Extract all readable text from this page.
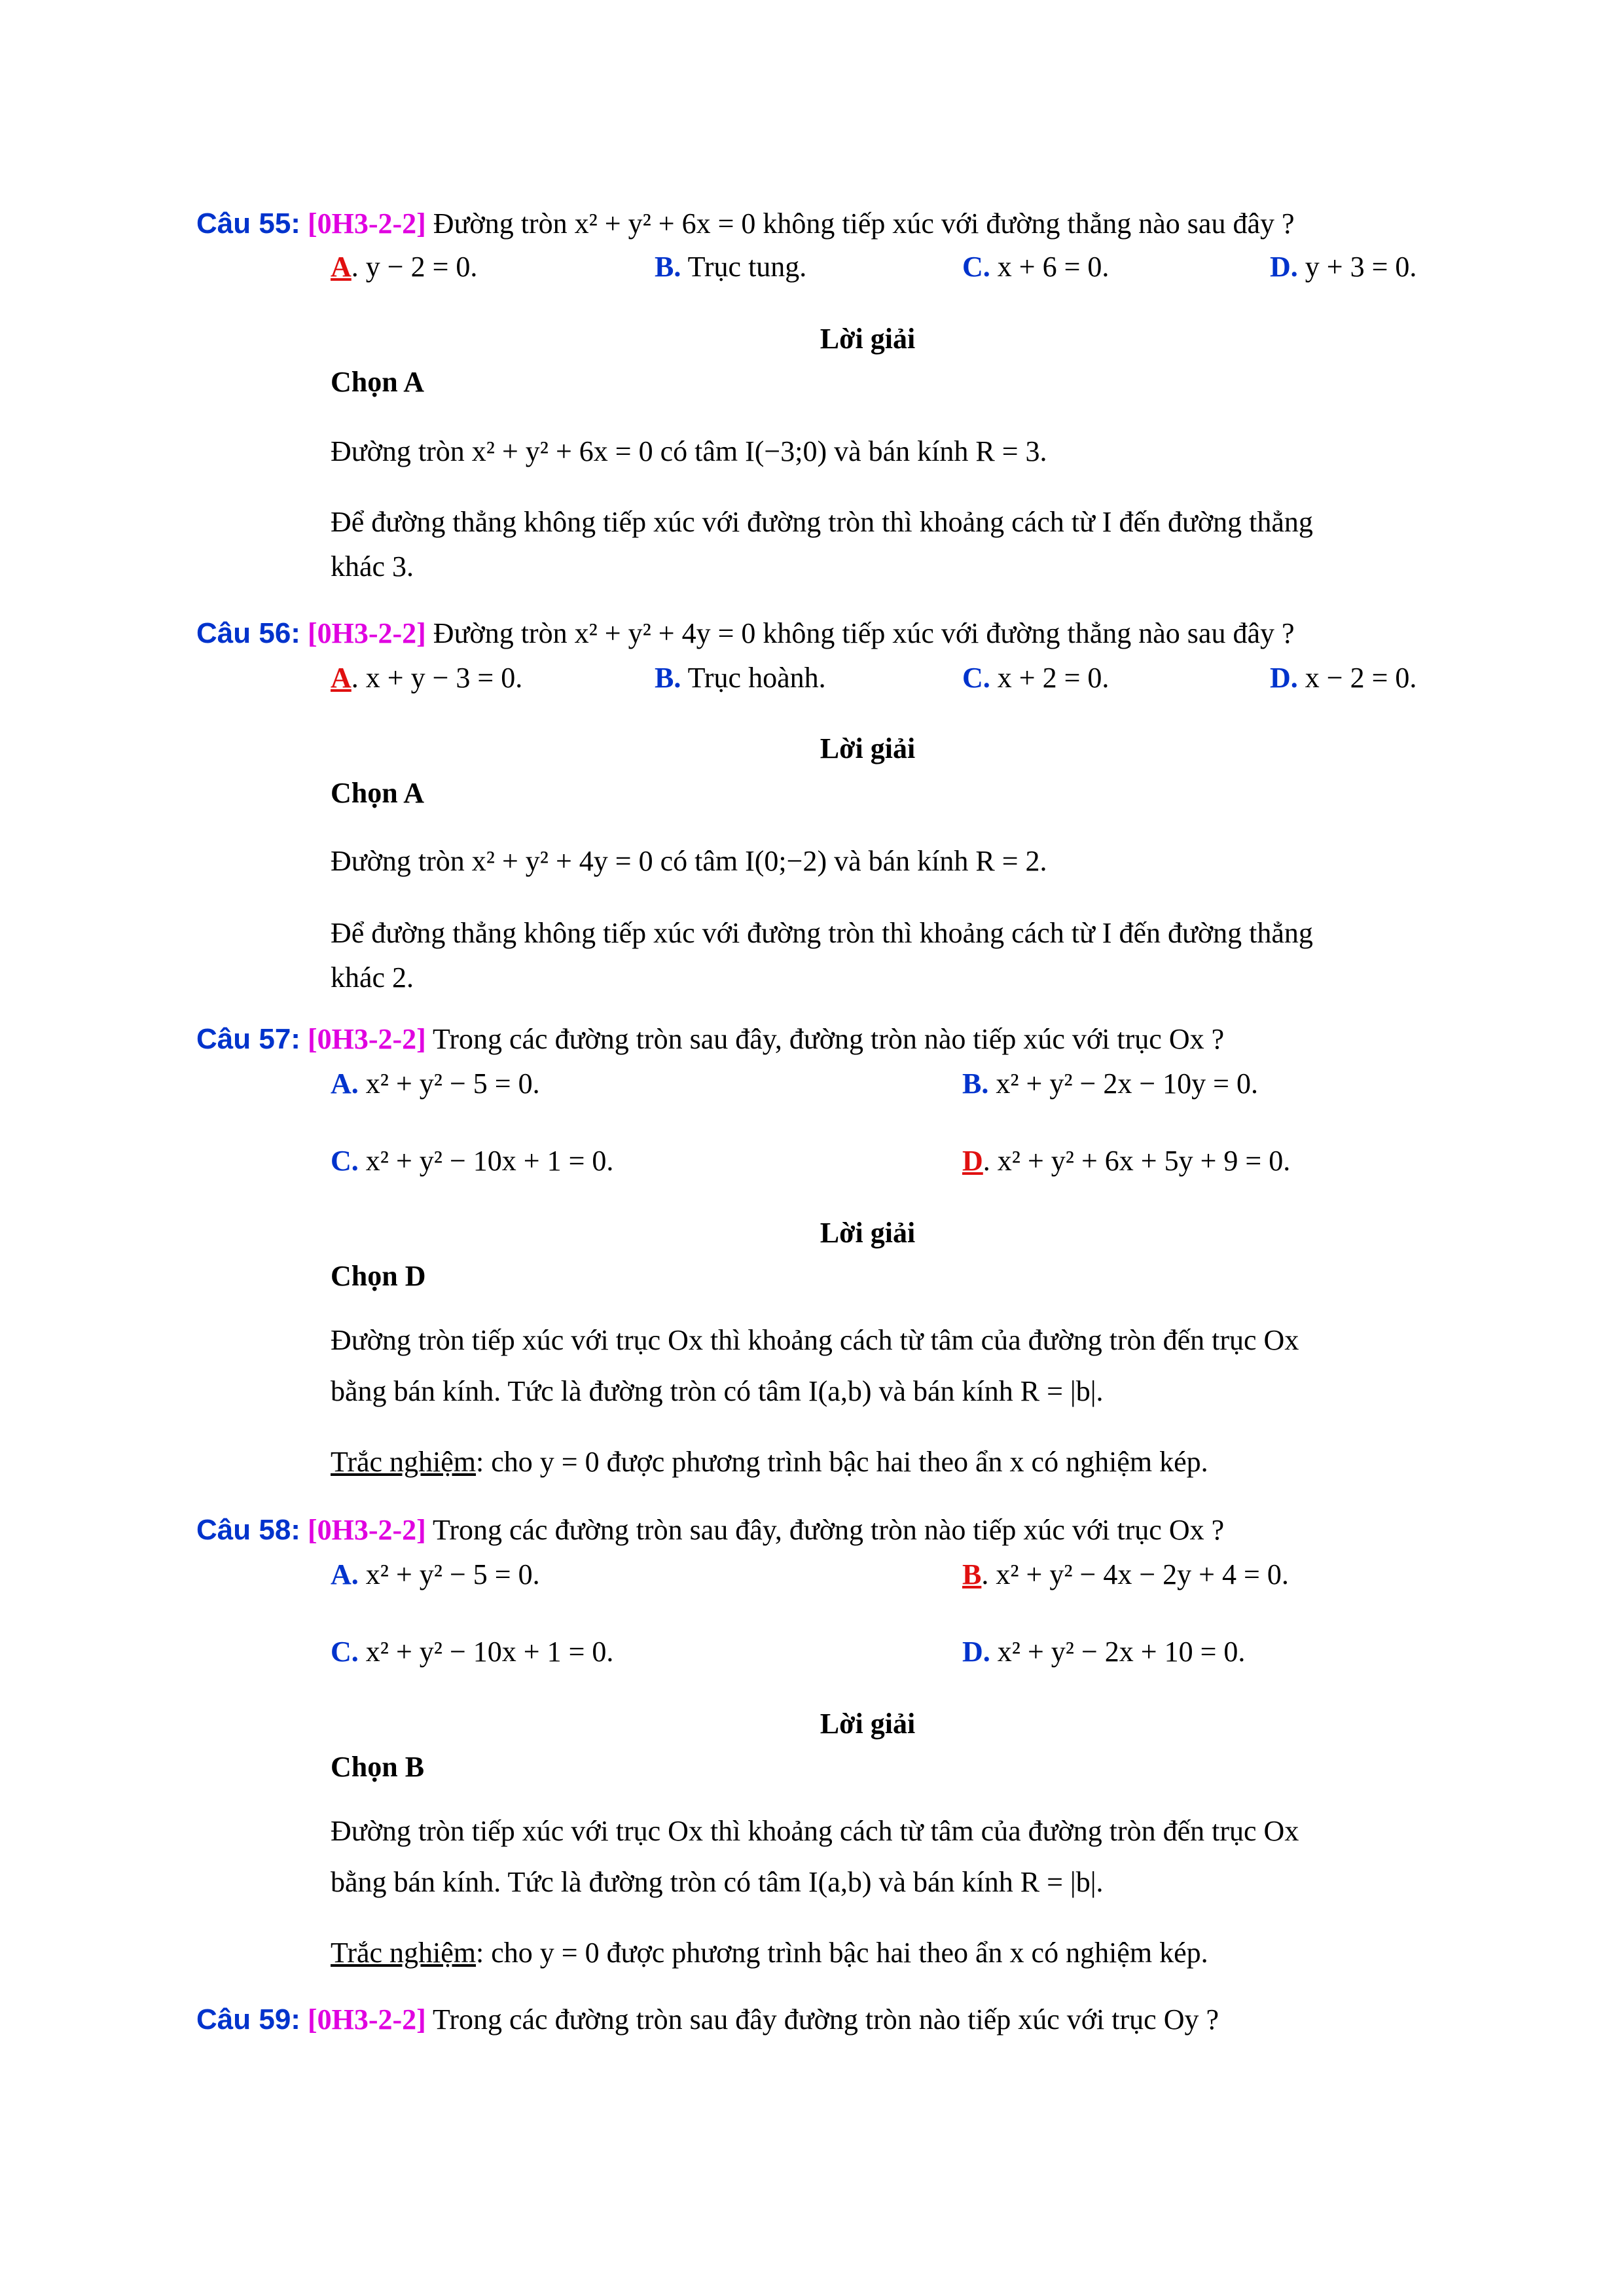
Câu 55: [0H3-2-2] Đường tròn x² + y² + 6x = 0 không tiếp xúc với đường thẳng nào sau đây ?
A. y − 2 = 0.	B. Trục tung.	C. x + 6 = 0.	D. y + 3 = 0.
Lời giải
Chọn A
Đường tròn x² + y² + 6x = 0 có tâm I(−3;0) và bán kính R = 3.
Để đường thẳng không tiếp xúc với đường tròn thì khoảng cách từ I đến đường thẳng
khác 3.
Câu 56: [0H3-2-2] Đường tròn x² + y² + 4y = 0 không tiếp xúc với đường thẳng nào sau đây ?
A. x + y − 3 = 0.	B. Trục hoành.	C. x + 2 = 0.	D. x − 2 = 0.
Lời giải
Chọn A
Đường tròn x² + y² + 4y = 0 có tâm I(0;−2) và bán kính R = 2.
Để đường thẳng không tiếp xúc với đường tròn thì khoảng cách từ I đến đường thẳng
khác 2.
Câu 57: [0H3-2-2] Trong các đường tròn sau đây, đường tròn nào tiếp xúc với trục Ox ?
A. x² + y² − 5 = 0.	B. x² + y² − 2x − 10y = 0.
C. x² + y² − 10x + 1 = 0.	D. x² + y² + 6x + 5y + 9 = 0.
Lời giải
Chọn D
Đường tròn tiếp xúc với trục Ox thì khoảng cách từ tâm của đường tròn đến trục Ox
bằng bán kính. Tức là đường tròn có tâm I(a,b) và bán kính R = |b|.
Trắc nghiệm: cho y = 0 được phương trình bậc hai theo ẩn x có nghiệm kép.
Câu 58: [0H3-2-2] Trong các đường tròn sau đây, đường tròn nào tiếp xúc với trục Ox ?
A. x² + y² − 5 = 0.	B. x² + y² − 4x − 2y + 4 = 0.
C. x² + y² − 10x + 1 = 0.	D. x² + y² − 2x + 10 = 0.
Lời giải
Chọn B
Đường tròn tiếp xúc với trục Ox thì khoảng cách từ tâm của đường tròn đến trục Ox
bằng bán kính. Tức là đường tròn có tâm I(a,b) và bán kính R = |b|.
Trắc nghiệm: cho y = 0 được phương trình bậc hai theo ẩn x có nghiệm kép.
Câu 59: [0H3-2-2] Trong các đường tròn sau đây đường tròn nào tiếp xúc với trục Oy ?
